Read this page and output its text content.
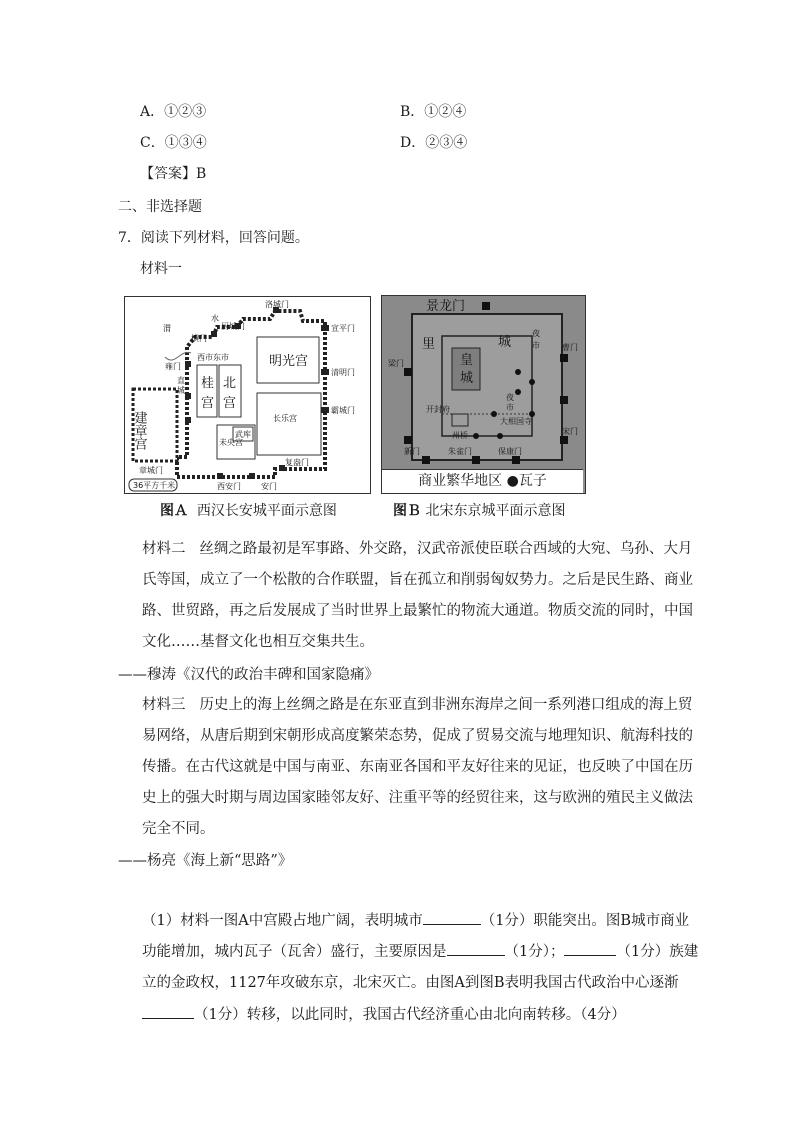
A．①②③	B．①②④
C．①③④	D．②③④
【答案】B
二、非选择题
7．阅读下列材料，回答问题。
材料一
洛城门
水
厨城门
横门
渭	宣平门
雍门
西市东市	明光宫
清明门
直
城 桂
宫
北
宫
建章宫
霸城门
长乐宫
章城门
未央宫
武库
复盎门
西安门	安门
36平方千米
景龙门
里	城
皇
城
夜
市
梁门
曹门
夜
市
开封府
大相国寺
州桥	宋门
新门	朱雀门	保康门
商业繁华地区 ●瓦子
图Ａ 西汉长安城平面示意图	图Ｂ 北宋东京城平面示意图
材料二 丝绸之路最初是军事路、外交路，汉武帝派使臣联合西域的大宛、乌孙、大月
氏等国，成立了一个松散的合作联盟，旨在孤立和削弱匈奴势力。之后是民生路、商业
路、世贸路，再之后发展成了当时世界上最繁忙的物流大通道。物质交流的同时，中国
文化……基督文化也相互交集共生。
——穆涛《汉代的政治丰碑和国家隐痛》
材料三 历史上的海上丝绸之路是在东亚直到非洲东海岸之间一系列港口组成的海上贸
易网络，从唐后期到宋朝形成高度繁荣态势，促成了贸易交流与地理知识、航海科技的
传播。在古代这就是中国与南亚、东南亚各国和平友好往来的见证，也反映了中国在历
史上的强大时期与周边国家睦邻友好、注重平等的经贸往来，这与欧洲的殖民主义做法
完全不同。
——杨亮《海上新“思路”》
（1）材料一图A中宫殿占地广阔，表明城市	（1分）职能突出。图B城市商业
功能增加，城内瓦子（瓦舍）盛行，主要原因是	（1分）；	（1分）族建
立的金政权，1127年攻破东京，北宋灭亡。由图A到图B表明我国古代政治中心逐渐
（1分）转移，以此同时，我国古代经济重心由北向南转移。（4分）
